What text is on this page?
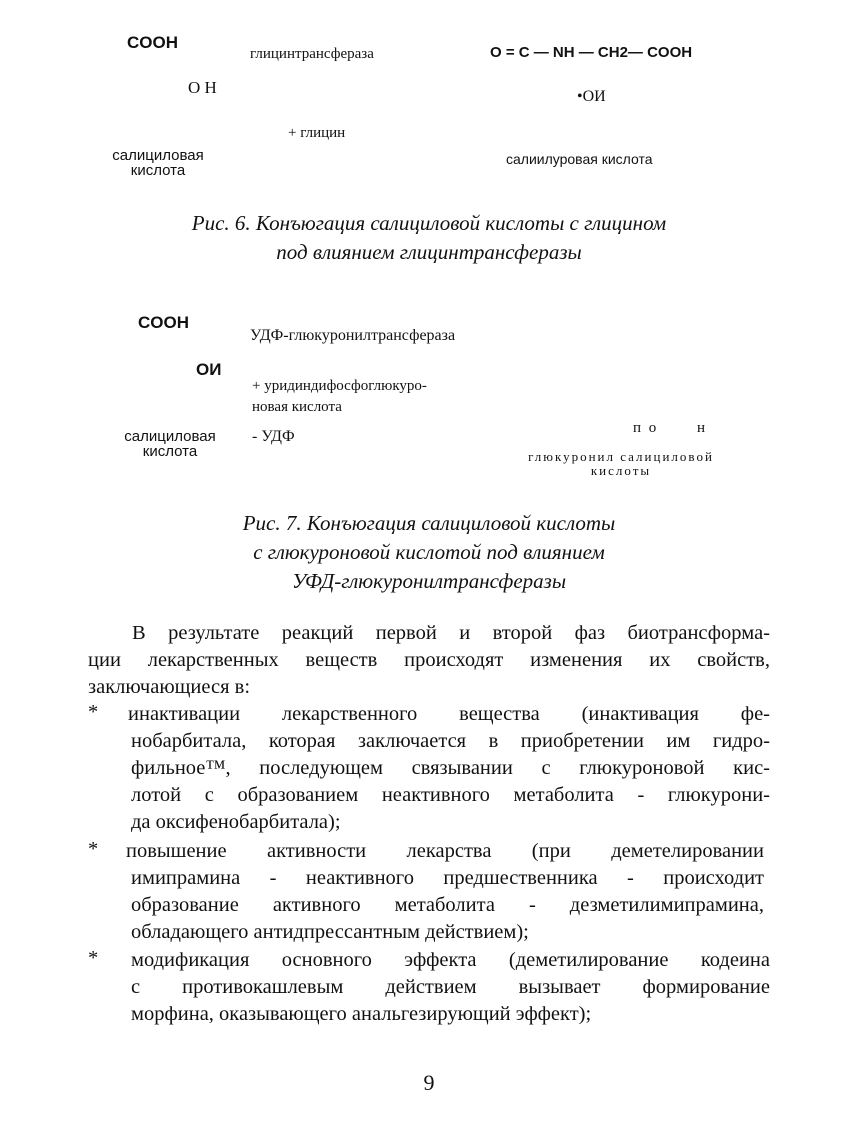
COOH
O H
салициловая
кислота
глицинтрансфераза
+ глицин
O = C — NH — CH2— COOH
•OИ
салиилуровая кислота
Рис. 6. Конъюгация салициловой кислоты с глицином
под влиянием глицинтрансферазы
COOH
OИ
салициловая
кислота
УДФ-глюкуронилтрансфераза
+ уридиндифосфоглюкуро-
новая кислота
- УДФ	п о	н
глюкуронил салициловой
кислоты
Рис. 7. Конъюгация салициловой кислоты
с глюкуроновой кислотой под влиянием
УФД-глюкуронилтрансферазы
В результате реакций первой и второй фаз биотрансформа-
ции лекарственных веществ происходят изменения их свойств,
заключающиеся в:
* инактивации лекарственного вещества (инактивация фе-
нобарбитала, которая заключается в приобретении им гидро-
фильное™, последующем связывании с глюкуроновой кис-
лотой с образованием неактивного метаболита - глюкурони-
да оксифенобарбитала);
* повышение активности лекарства (при деметелировании
имипрамина - неактивного предшественника - происходит
образование активного метаболита - дезметилимипрамина,
обладающего антидпрессантным действием);
* модификация основного эффекта (деметилирование кодеина
с противокашлевым действием вызывает формирование
морфина, оказывающего анальгезирующий эффект);
9
